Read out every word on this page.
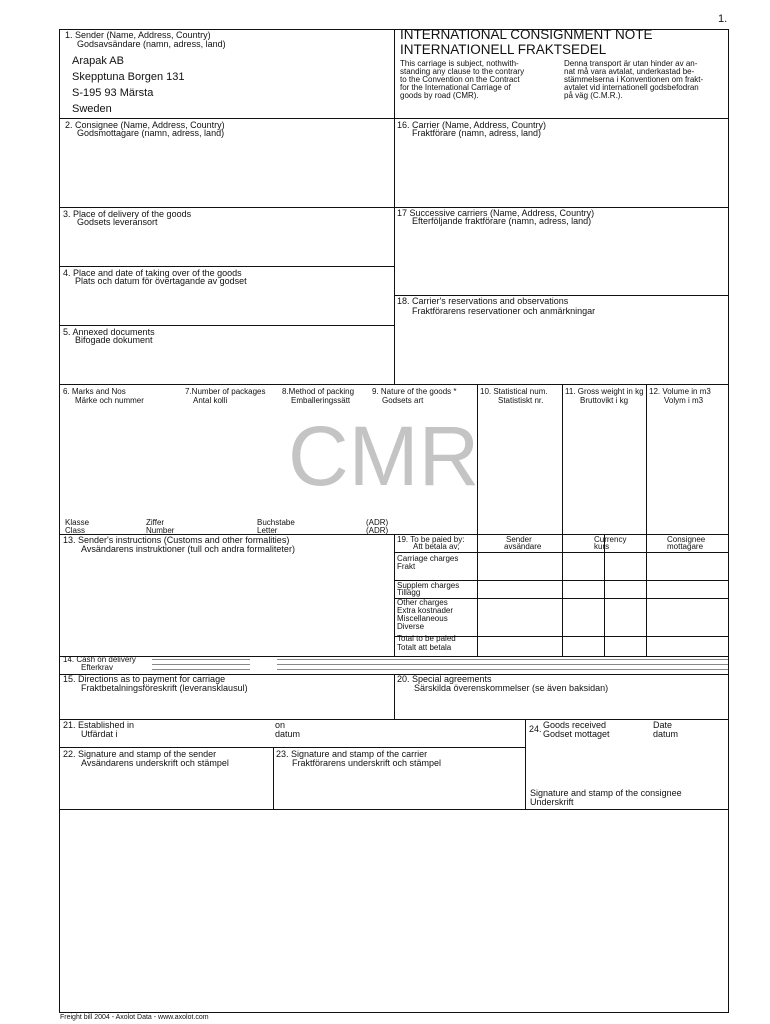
1.
1. Sender (Name, Address, Country)
Godsavsändare (namn, adress, land)
Arapak AB
Skepptuna Borgen 131
S-195 93 Märsta
Sweden
INTERNATIONAL CONSIGNMENT NOTE
INTERNATIONELL FRAKTSEDEL
This carriage is subject, nothwith-
standing any clause to the contrary
to the Convention on the Contract
for the International Carriage of
goods by road (CMR).
Denna transport är utan hinder av an-
nat må vara avtalat, underkastad be-
stämmelserna i Konventionen om frakt-
avtalet vid internationell godsbefodran
på väg (C.M.R.).
2. Consignee (Name, Address, Country)
Godsmottagare (namn, adress, land)
16. Carrier (Name, Address, Country)
Fraktförare (namn, adress, land)
3. Place of delivery of the goods
Godsets leveransort
17 Successive carriers (Name, Address, Country)
Efterföljande fraktförare (namn, adress, land)
4. Place and date of taking over of the goods
Plats och datum för övertagande av godset
18. Carrier's reservations and observations
Fraktförarens reservationer och anmärkningar
5. Annexed documents
Bifogade dokument
6. Marks and Nos
Märke och nummer
7.Number of packages
Antal kolli
8.Method of packing
Emballeringssätt
9. Nature of the goods *
Godsets art
10. Statistical num.
Statistiskt nr.
11. Gross weight in kg
Bruttovikt i kg
12. Volume in m3
Volym i m3
CMR
Klasse
Class
Ziffer
Number
Buchstabe
Letter
(ADR)
(ADR)
13. Sender's instructions (Customs and other formalities)
Avsändarens instruktioner (tull och andra formaliteter)
19. To be paied by:
Att betala av;
Sender
avsändare
Currency
kurs
Consignee
mottagare
Carriage charges
Frakt
Supplem charges
Tillägg
Other charges
Extra kostnader
Miscellaneous
Diverse
Total to be paied
Totalt att betala
14. Cash on delivery
Efterkrav
15. Directions as to payment for carriage
Fraktbetalningsföreskrift (leveransklausul)
20. Special agreements
Särskilda överenskommelser (se även baksidan)
21. Established in
Utfärdat i
on
datum	24. Goods received
Godset mottaget
Date
datum
22. Signature and stamp of the sender
Avsändarens underskrift och stämpel
23. Signature and stamp of the carrier
Fraktförarens underskrift och stämpel
Signature and stamp of the consignee
Underskrift
Freight bill 2004 - Axolot Data - www.axolot.com
